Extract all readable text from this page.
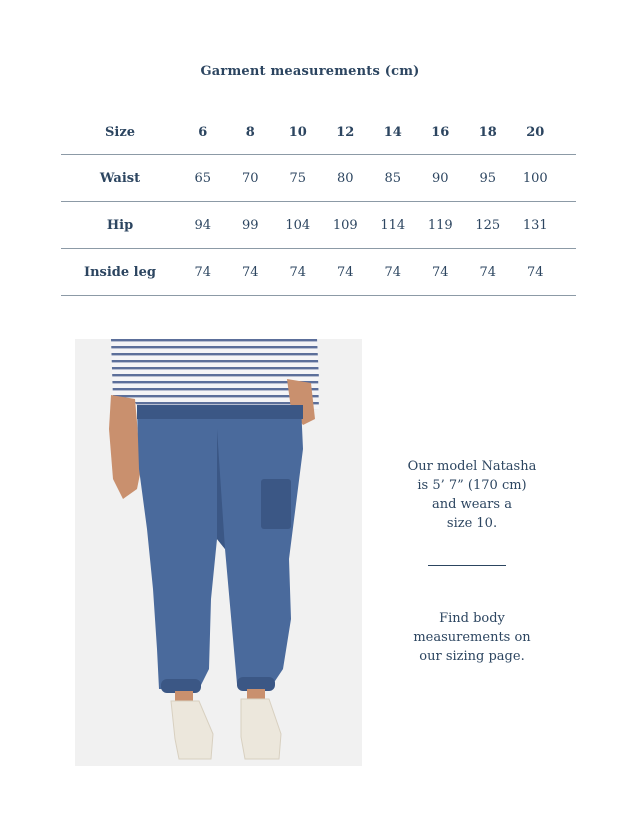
Garment measurements (cm)
Size	6	8	10	12	14	16	18	20
Waist	65	70	75	80	85	90	95	100
Hip	94	99	104	109	114	119	125	131
Inside leg	74	74	74	74	74	74	74	74
Our model Natasha
is 5’ 7” (170 cm)
and wears a
size 10.
Find body
measurements on
our sizing page.
